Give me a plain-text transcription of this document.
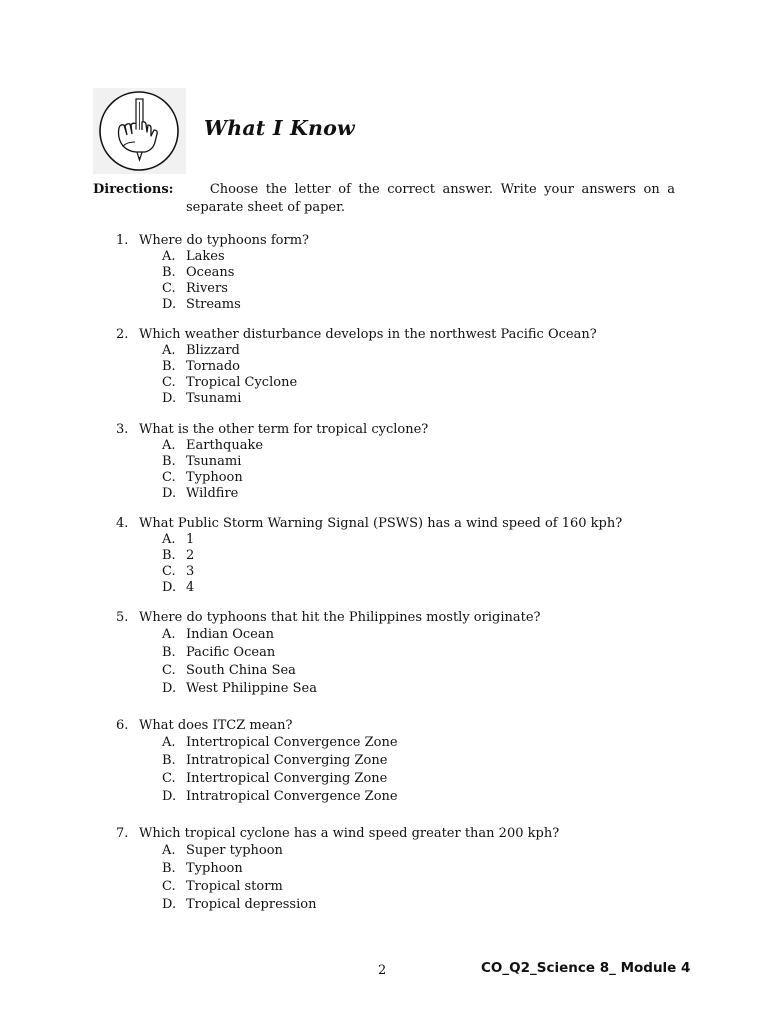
What I Know
Directions:	Choose the letter of the correct answer. Write your answers on a
separate sheet of paper.
1. Where do typhoons form?
A. Lakes
B. Oceans
C. Rivers
D. Streams
2. Which weather disturbance develops in the northwest Pacific Ocean?
A. Blizzard
B. Tornado
C. Tropical Cyclone
D. Tsunami
3. What is the other term for tropical cyclone?
A. Earthquake
B. Tsunami
C. Typhoon
D. Wildfire
4. What Public Storm Warning Signal (PSWS) has a wind speed of 160 kph?
A. 1
B. 2
C. 3
D. 4
5. Where do typhoons that hit the Philippines mostly originate?
A. Indian Ocean
B. Pacific Ocean
C. South China Sea
D. West Philippine Sea
6. What does ITCZ mean?
A. Intertropical Convergence Zone
B. Intratropical Converging Zone
C. Intertropical Converging Zone
D. Intratropical Convergence Zone
7. Which tropical cyclone has a wind speed greater than 200 kph?
A. Super typhoon
B. Typhoon
C. Tropical storm
D. Tropical depression
2	CO_Q2_Science 8_ Module 4
